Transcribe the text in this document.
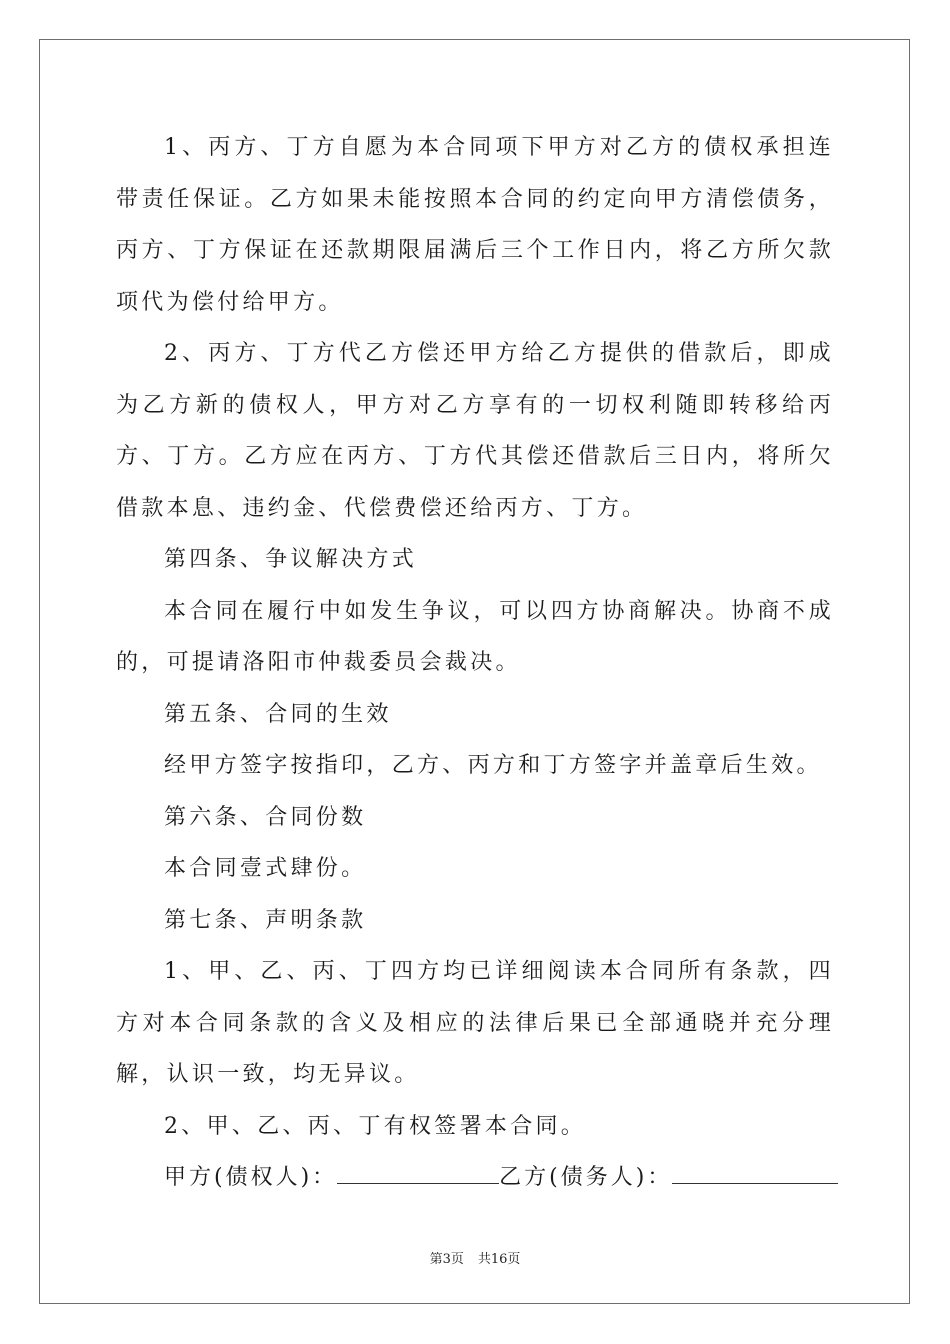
1、丙方、丁方自愿为本合同项下甲方对乙方的债权承担连带责任保证。乙方如果未能按照本合同的约定向甲方清偿债务，丙方、丁方保证在还款期限届满后三个工作日内，将乙方所欠款项代为偿付给甲方。

2、丙方、丁方代乙方偿还甲方给乙方提供的借款后，即成为乙方新的债权人，甲方对乙方享有的一切权利随即转移给丙方、丁方。乙方应在丙方、丁方代其偿还借款后三日内，将所欠借款本息、违约金、代偿费偿还给丙方、丁方。

第四条、争议解决方式

本合同在履行中如发生争议，可以四方协商解决。协商不成的，可提请洛阳市仲裁委员会裁决。

第五条、合同的生效

经甲方签字按指印，乙方、丙方和丁方签字并盖章后生效。

第六条、合同份数

本合同壹式肆份。

第七条、声明条款

1、甲、乙、丙、丁四方均已详细阅读本合同所有条款，四方对本合同条款的含义及相应的法律后果已全部通晓并充分理解，认识一致，均无异议。

2、甲、乙、丙、丁有权签署本合同。

甲方(债权人)：	乙方(债务人)：

第3页 共16页
